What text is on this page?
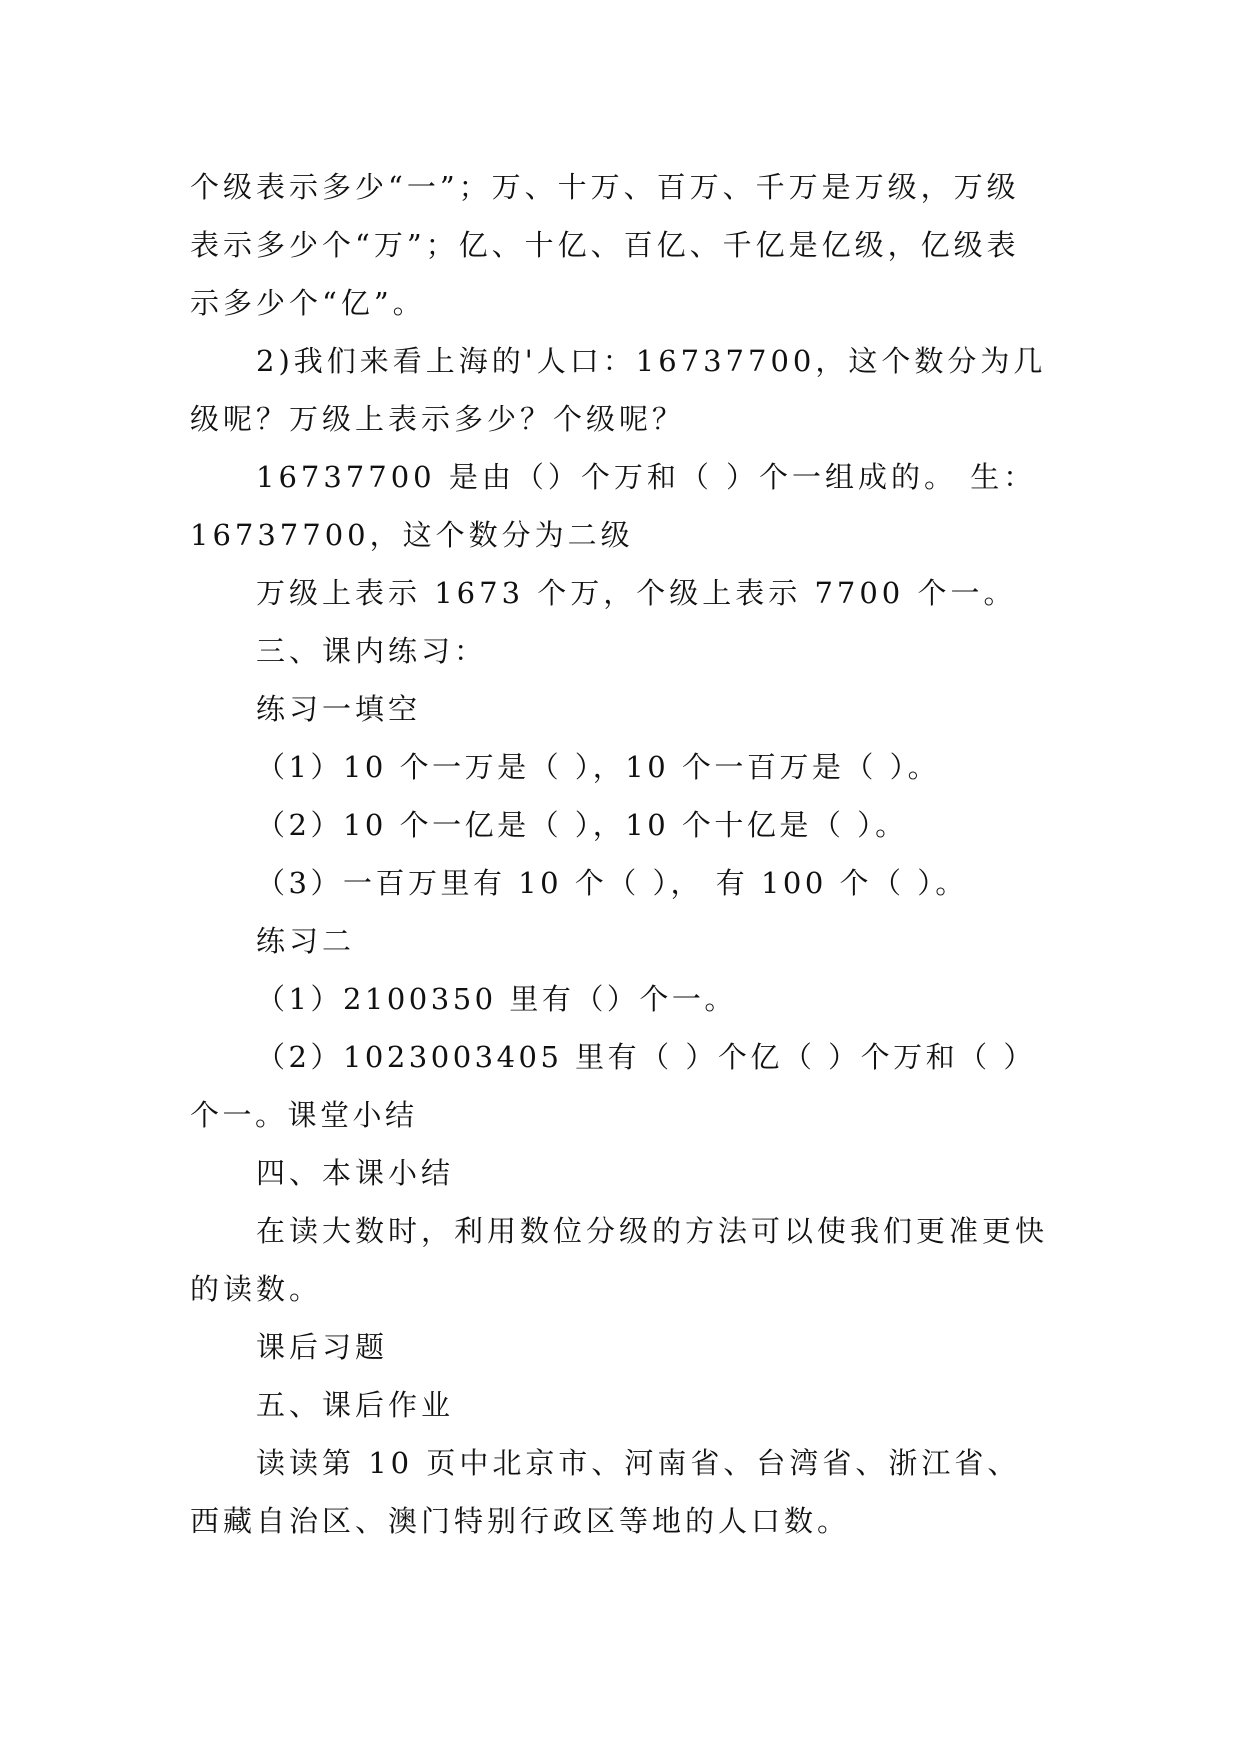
个级表示多少“一”；万、十万、百万、千万是万级，万级表示多少个“万”；亿、十亿、百亿、千亿是亿级，亿级表示多少个“亿”。

2)我们来看上海的'人口：16737700，这个数分为几级呢？万级上表示多少？个级呢？

16737700 是由（）个万和（ ）个一组成的。 生：16737700，这个数分为二级

万级上表示 1673 个万，个级上表示 7700 个一。

三、课内练习：

练习一填空

（1）10 个一万是（ ），10 个一百万是（ ）。

（2）10 个一亿是（ ），10 个十亿是（ ）。

（3）一百万里有 10 个（ ）， 有 100 个（ ）。

练习二

（1）2100350 里有（）个一。

（2）1023003405 里有（ ）个亿（ ）个万和（ ）个一。课堂小结

四、本课小结

在读大数时，利用数位分级的方法可以使我们更准更快的读数。

课后习题

五、课后作业

读读第 10 页中北京市、河南省、台湾省、浙江省、西藏自治区、澳门特别行政区等地的人口数。
